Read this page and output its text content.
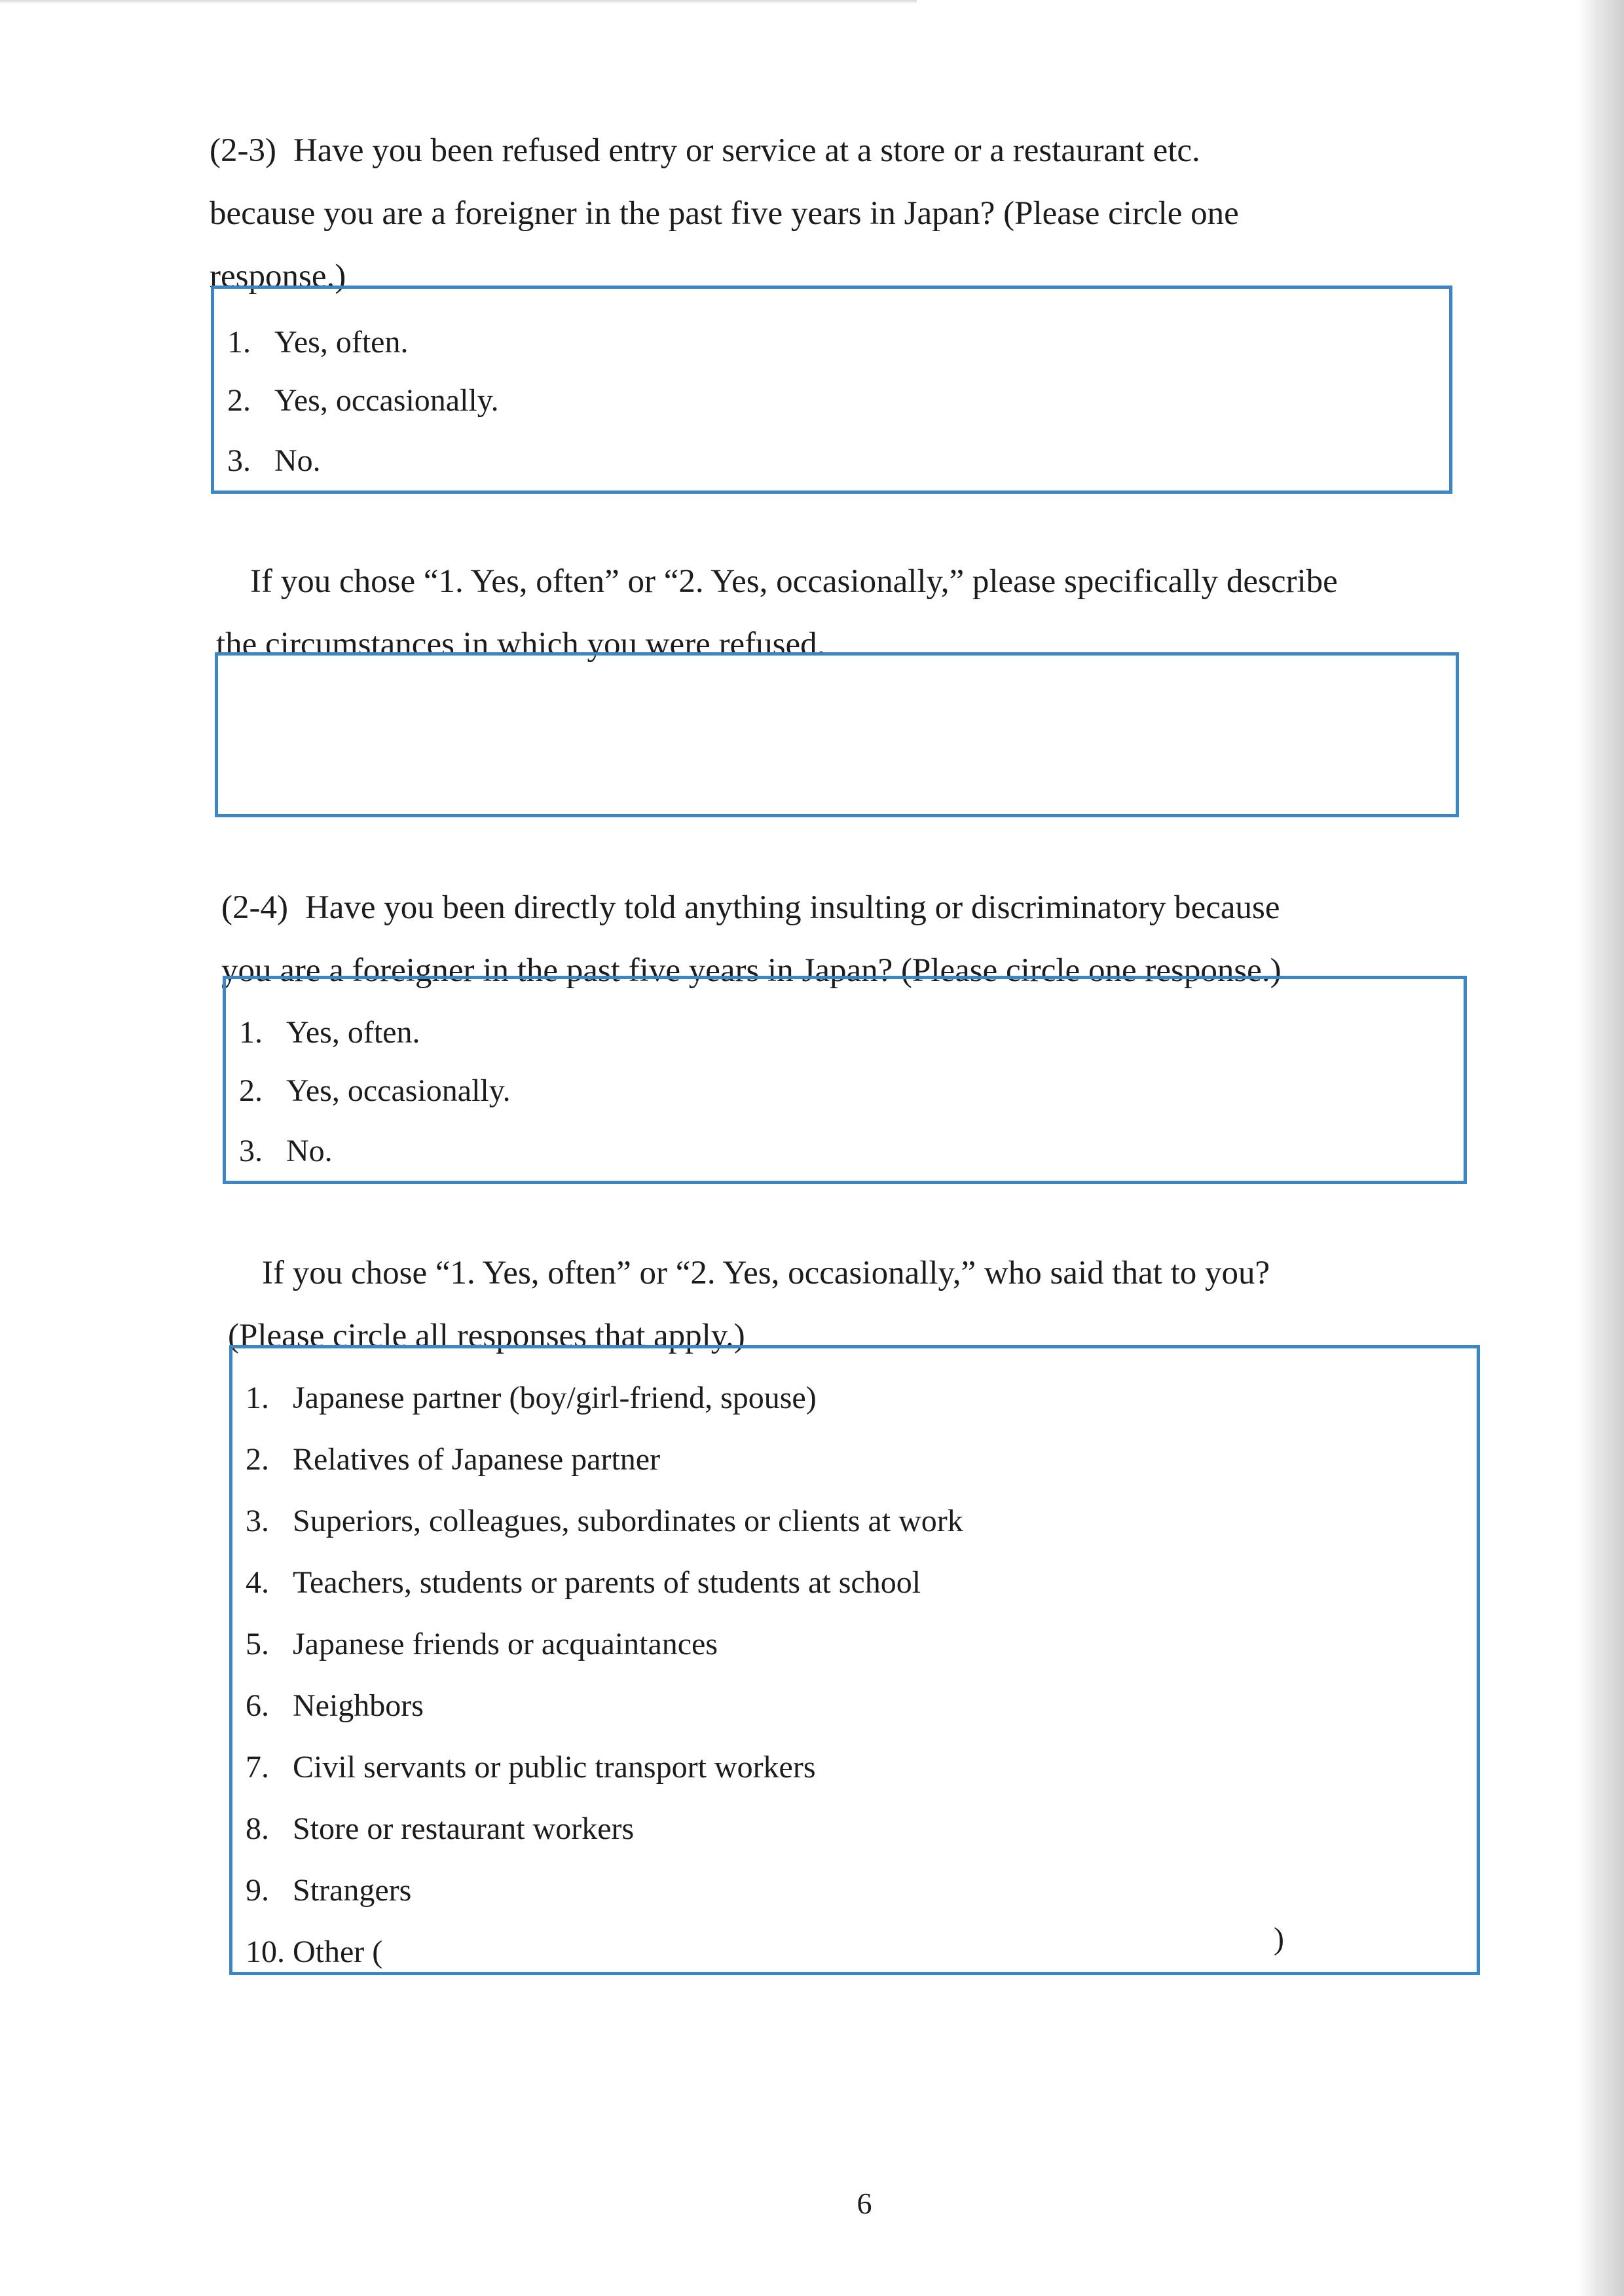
(2-3) Have you been refused entry or service at a store or a restaurant etc.
because you are a foreigner in the past five years in Japan? (Please circle one
response.)
1. Yes, often.
2. Yes, occasionally.
3. No.
If you chose “1. Yes, often” or “2. Yes, occasionally,” please specifically describe
the circumstances in which you were refused.
(2-4) Have you been directly told anything insulting or discriminatory because
you are a foreigner in the past five years in Japan? (Please circle one response.)
1. Yes, often.
2. Yes, occasionally.
3. No.
If you chose “1. Yes, often” or “2. Yes, occasionally,” who said that to you?
(Please circle all responses that apply.)
1. Japanese partner (boy/girl-friend, spouse)
2. Relatives of Japanese partner
3. Superiors, colleagues, subordinates or clients at work
4. Teachers, students or parents of students at school
5. Japanese friends or acquaintances
6. Neighbors
7. Civil servants or public transport workers
8. Store or restaurant workers
9. Strangers
10. Other (	)
6
